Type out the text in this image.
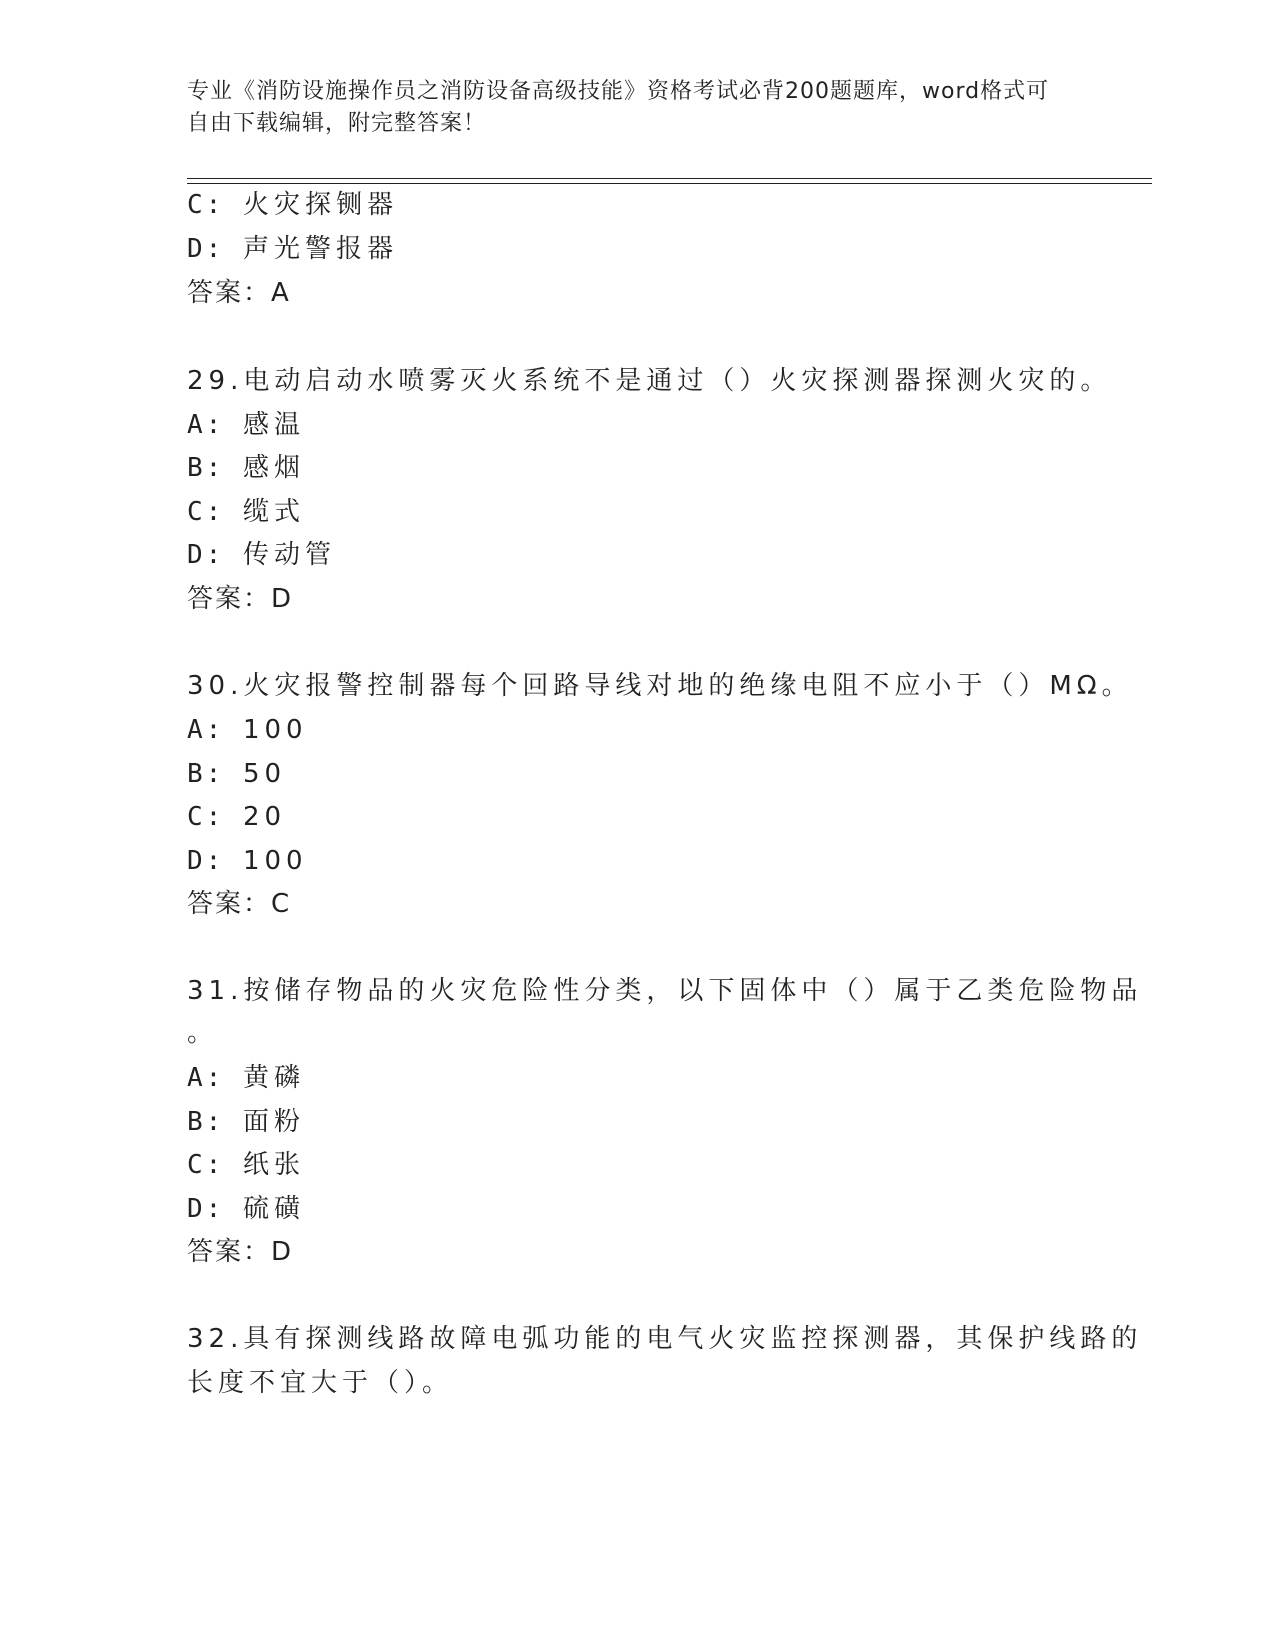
专业《消防设施操作员之消防设备高级技能》资格考试必背200题题库，word格式可自由下载编辑，附完整答案！
C: 火灾探铡器
D: 声光警报器
答案：A
29.电动启动水喷雾灭火系统不是通过（）火灾探测器探测火灾的。
A: 感温
B: 感烟
C: 缆式
D: 传动管
答案：D
30.火灾报警控制器每个回路导线对地的绝缘电阻不应小于（）MΩ。
A: 100
B: 50
C: 20
D: 100
答案：C
31.按储存物品的火灾危险性分类，以下固体中（）属于乙类危险物品
。
A: 黄磷
B: 面粉
C: 纸张
D: 硫磺
答案：D
32.具有探测线路故障电弧功能的电气火灾监控探测器，其保护线路的
长度不宜大于（）。
